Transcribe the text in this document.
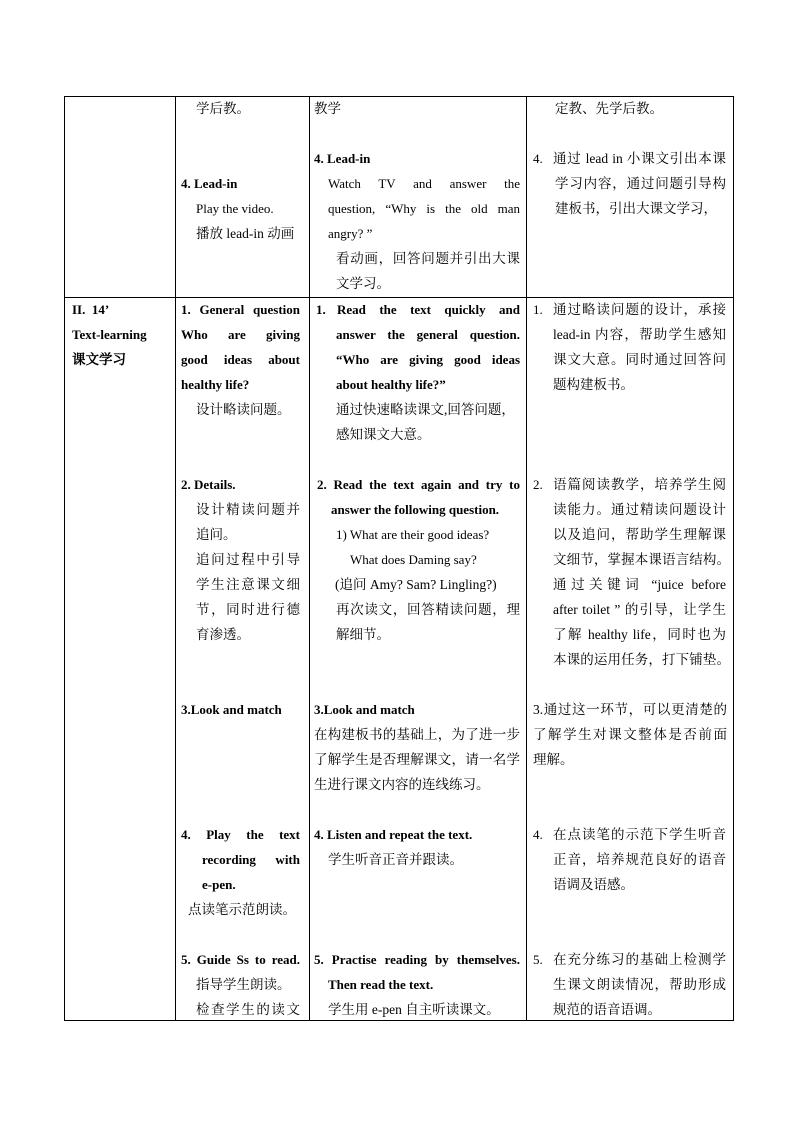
学后教。
4. Lead-in
Play the video.
播放 lead-in 动画
教学
4. Lead-in
Watch TV and answer the
question, “Why is the old man
angry? ”
看动画，回答问题并引出大课
文学习。
定教、先学后教。
4. 通过 lead in 小课文引出本课
学习内容，通过问题引导构
建板书，引出大课文学习，
II.  14’
Text-learning
课文学习
1. General question
Who are giving
good ideas about
healthy life?
设计略读问题。
2. Details.
设计精读问题并
追问。
追问过程中引导
学生注意课文细
节，同时进行德
育渗透。
3.Look and match
4. Play the text
recording with
e-pen.
点读笔示范朗读。
5. Guide Ss to read.
指导学生朗读。
检查学生的读文
1. Read the text quickly and
answer the general question.
“Who are giving good ideas
about healthy life?”
通过快速略读课文,回答问题，
感知课文大意。
2. Read the text again and try to
answer the following question.
1) What are their good ideas?
What does Daming say?
(追问 Amy? Sam? Lingling?)
再次读文，回答精读问题，理
解细节。
3.Look and match
在构建板书的基础上，为了进一步
了解学生是否理解课文，请一名学
生进行课文内容的连线练习。
4. Listen and repeat the text.
学生听音正音并跟读。
5. Practise reading by themselves.
Then read the text.
学生用 e-pen 自主听读课文。
1. 通过略读问题的设计，承接
lead-in 内容，帮助学生感知
课文大意。同时通过回答问
题构建板书。
2. 语篇阅读教学，培养学生阅
读能力。通过精读问题设计
以及追问，帮助学生理解课
文细节，掌握本课语言结构。
通过关键词 “juice before
after toilet ” 的引导，让学生
了解 healthy life，同时也为
本课的运用任务，打下铺垫。
3.通过这一环节，可以更清楚的
了解学生对课文整体是否前面
理解。
4. 在点读笔的示范下学生听音
正音，培养规范良好的语音
语调及语感。
5. 在充分练习的基础上检测学
生课文朗读情况，帮助形成
规范的语音语调。
